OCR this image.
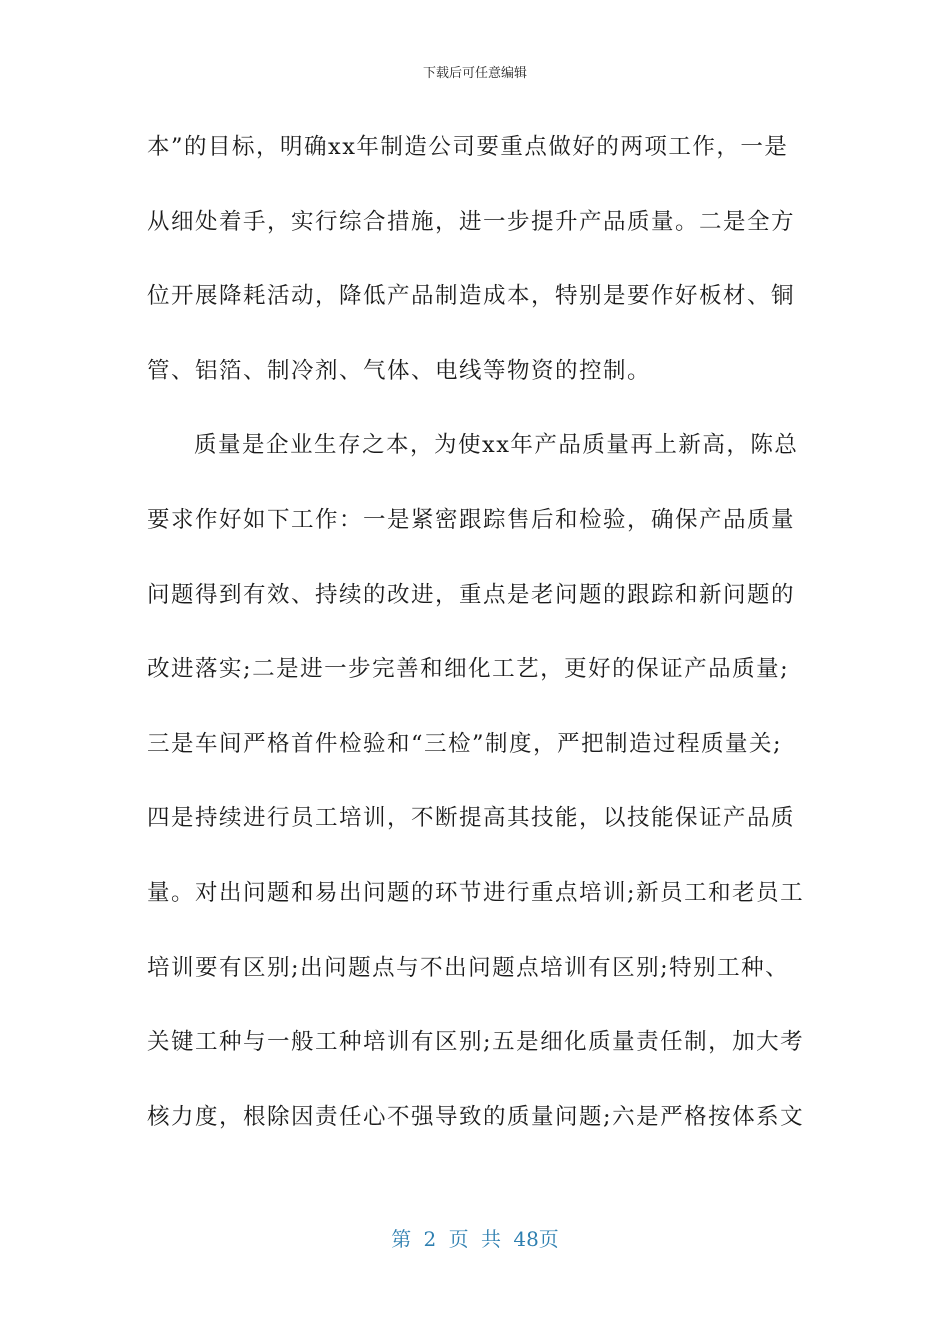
下载后可任意编辑
本”的目标，明确xx年制造公司要重点做好的两项工作，一是
从细处着手，实行综合措施，进一步提升产品质量。二是全方
位开展降耗活动，降低产品制造成本，特别是要作好板材、铜
管、铝箔、制冷剂、气体、电线等物资的控制。
质量是企业生存之本，为使xx年产品质量再上新高，陈总
要求作好如下工作：一是紧密跟踪售后和检验，确保产品质量
问题得到有效、持续的改进，重点是老问题的跟踪和新问题的
改进落实;二是进一步完善和细化工艺，更好的保证产品质量;
三是车间严格首件检验和“三检”制度，严把制造过程质量关;
四是持续进行员工培训，不断提高其技能，以技能保证产品质
量。对出问题和易出问题的环节进行重点培训;新员工和老员工
培训要有区别;出问题点与不出问题点培训有区别;特别工种、
关键工种与一般工种培训有区别;五是细化质量责任制，加大考
核力度，根除因责任心不强导致的质量问题;六是严格按体系文
第 2 页 共 48页
